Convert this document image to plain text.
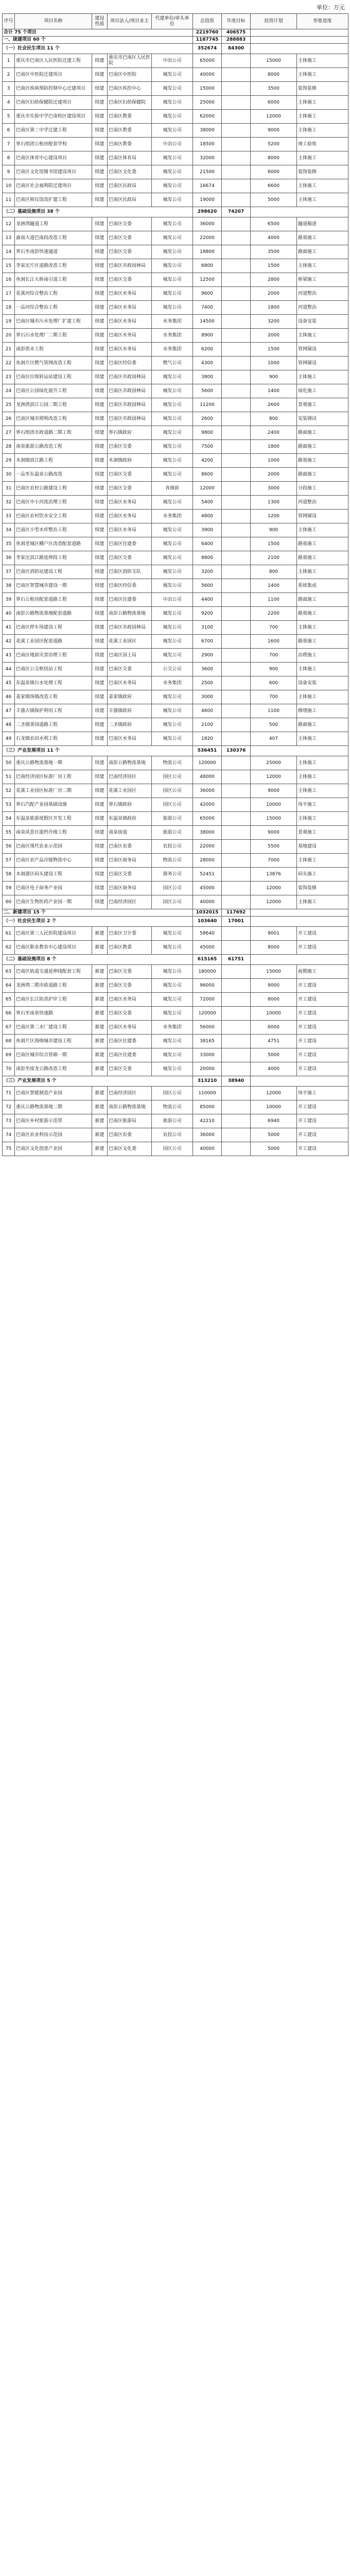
单位：万元
序号	项目名称	建设性质	项目法人/项目业主	代建单位/牵头单位	总投资	年度目标	投资计划	形象进度
合计 75 个项目					2219760	406575		
一、续建项目 60 个					1187745	288883		
（一）社会民生项目 11 个					352674	84300		
1	重庆市巴南区人民医院迁建工程	续建	重庆市巴南区人民医院	中冶公司	65000		15000	主体施工
2	巴南区中医院迁建项目	续建	巴南区中医院	城发公司	40000		8000	主体施工
3	巴南区疾病预防控制中心迁建项目	续建	巴南区疾控中心	城发公司	15000		3500	装饰装修
4	巴南区妇幼保健院迁建项目	续建	巴南区妇幼保健院	城发公司	25000		6000	主体施工
5	重庆市实验中学巴南校区建设项目	续建	巴南区教委	城发公司	62000		12000	主体施工
6	巴南区第二中学迁建工程	续建	巴南区教委	城发公司	38000		9000	主体施工
7	界石组团公租房配套学校	续建	巴南区教委	中冶公司	18500		5200	竣工验收
8	巴南区体育中心建设项目	续建	巴南区体育局	城发公司	32000		8000	主体施工
9	巴南区文化馆图书馆建设项目	续建	巴南区文化委	城发公司	21500		6000	装饰装修
10	巴南区社会福利院迁建项目	续建	巴南区民政局	城发公司	16674		6600	主体施工
11	巴南区殡仪馆改扩建工程	续建	巴南区民政局	城发公司	19000		5000	主体施工
（二）基础设施项目 38 个					298620	74207		
12	龙洲湾隧道工程	续建	巴南区交委	城发公司	36000		6500	隧道掘进
13	渝南大道巴南段改造工程	续建	巴南区交委	城发公司	22000		4000	路基施工
14	界石至南彭快速通道	续建	巴南区交委	城发公司	18800		3500	路面施工
15	李家沱片区道路改造工程	续建	巴南区市政园林局	城发公司	6800		1500	主体施工
16	鱼洞长江大桥南引道工程	续建	巴南区交委	城发公司	12500		2800	桥梁施工
17	花溪河综合整治工程	续建	巴南区水务局	城发公司	9600		2000	河道整治
18	一品河综合整治工程	续建	巴南区水务局	城发公司	7400		1800	河道整治
19	巴南区城市污水处理厂扩建工程	续建	巴南区水务局	水务集团	14500		3200	设备安装
20	界石污水处理厂二期工程	续建	巴南区水务局	水务集团	8900		2000	主体施工
21	南彭供水工程	续建	巴南区水务局	水务集团	6200		1500	管网铺设
22	鱼洞片区燃气管网改造工程	续建	巴南区经信委	燃气公司	4300		1000	管网铺设
23	巴南区垃圾转运站建设工程	续建	巴南区市政园林局	城发公司	3800		900	主体施工
24	巴南区公园绿化提升工程	续建	巴南区市政园林局	城发公司	5600		1400	绿化施工
25	龙洲湾滨江公园二期工程	续建	巴南区市政园林局	城发公司	11200		2600	景观施工
26	巴南区城市照明改造工程	续建	巴南区市政园林局	城发公司	2600		800	安装调试
27	界石组团市政道路二期工程	续建	界石镇政府	城发公司	9800		2400	路面施工
28	南泉旅游公路改造工程	续建	巴南区交委	城发公司	7500		1800	路面施工
29	木洞镇滨江路工程	续建	木洞镇政府	城发公司	4200		1000	路基施工
30	一品至东温泉公路改造	续建	巴南区交委	城发公司	8600		2000	路面施工
31	巴南区农村公路建设工程	续建	巴南区交委	各镇街	12000		3000	分段施工
32	巴南区中小河流治理工程	续建	巴南区水务局	城发公司	5400		1300	河道整治
33	巴南区农村饮水安全工程	续建	巴南区水务局	水务集团	4800		1200	管网铺设
34	巴南区小型水库整治工程	续建	巴南区水务局	城发公司	3900		900	主体施工
35	鱼洞老城区棚户区改造配套道路	续建	巴南区住建委	城发公司	6400		1500	路基施工
36	李家沱滨江路延伸段工程	续建	巴南区交委	城发公司	8800		2100	路基施工
37	巴南区消防站建设工程	续建	巴南区消防支队	城发公司	3200		800	主体施工
38	巴南区智慧城市建设一期	续建	巴南区经信委	城发公司	5600		1400	系统集成
39	界石公租房配套道路工程	续建	巴南区住建委	中冶公司	4400		1100	路面施工
40	南彭公路物流基地配套道路	续建	南彭公路物流基地	城发公司	9200		2200	路基施工
41	巴南区停车场建设工程	续建	巴南区市政园林局	城发公司	3100		700	主体施工
42	花溪工业园区配套道路	续建	花溪工业园区	城发公司	6700		1600	路基施工
43	巴南区地质灾害治理工程	续建	巴南区国土局	城发公司	2900		700	治理施工
44	巴南区公交枢纽站工程	续建	巴南区交委	公交公司	3600		900	主体施工
45	东温泉镇污水处理工程	续建	巴南区水务局	水务集团	2500		600	设备安装
46	姜家镇场镇改造工程	续建	姜家镇政府	城发公司	3000		700	主体施工
47	丰盛古镇保护利用工程	续建	丰盛镇政府	城发公司	4600		1100	修缮施工
48	二圣镇茶园道路工程	续建	二圣镇政府	城发公司	2100		500	路面施工
49	石龙镇农田水利工程	续建	巴南区水务局	城发公司	1820		407	主体施工
（三）产业发展项目 11 个					536451	130376		
50	重庆公路物流基地一期	续建	南彭公路物流基地	物流公司	120000		25000	主体施工
51	巴南经济园区标准厂房工程	续建	巴南经济园区	园区公司	48000		12000	主体施工
52	花溪工业园区标准厂房二期	续建	花溪工业园区	园区公司	36000		9000	主体施工
53	界石汽配产业园基础设施	续建	界石镇政府	园区公司	42000		10000	场平施工
54	东温泉旅游度假区开发工程	续建	东温泉镇政府	旅游公司	65000		15000	主体施工
55	南泉风景区提档升级工程	续建	南泉街道	旅游公司	38000		9000	景观施工
56	巴南区现代农业示范园	续建	巴南区农委	农投公司	22000		5500	基地建设
57	巴南区农产品冷链物流中心	续建	巴南区商务局	物流公司	28000		7000	主体施工
58	木洞港区码头建设工程	续建	巴南区交委	港务公司	52451		13876	码头施工
59	巴南区电子商务产业园	续建	巴南区商务局	园区公司	45000		12000	装饰装修
60	巴南区生物医药产业园一期	续建	巴南经济园区	园区公司	40000		12000	主体施工
二、新建项目 15 个					1032015	117692		
（一）社会民生项目 2 个					103640	17001		
61	巴南区第三人民医院建设项目	新建	巴南区卫计委	城发公司	58640		9001	开工建设
62	巴南区职业教育中心建设项目	新建	巴南区教委	城发公司	45000		8000	开工建设
（二）基础设施项目 8 个					615165	61751		
63	巴南区轨道交通延伸线配套工程	新建	巴南区交委	城发公司	180000		15000	前期施工
64	龙洲湾二期市政道路工程	新建	巴南区交委	城发公司	96000		9000	开工建设
65	巴南区长江防洪护岸工程	新建	巴南区水务局	城发公司	72000		8000	开工建设
66	界石至南泉快速路	新建	巴南区交委	城发公司	120000		10000	开工建设
67	巴南区第二水厂建设工程	新建	巴南区水务局	水务集团	56000		6000	开工建设
68	鱼洞片区海绵城市建设工程	新建	巴南区住建委	城发公司	38165		4751	开工建设
69	巴南区城市综合管廊一期	新建	巴南区住建委	城发公司	33000		5000	开工建设
70	南彭至接龙公路改造工程	新建	巴南区交委	城发公司	20000		4000	开工建设
（三）产业发展项目 5 个					313210	38940		
71	巴南区智能制造产业园	新建	巴南经济园区	园区公司	110000		12000	场平施工
72	重庆公路物流基地二期	新建	南彭公路物流基地	物流公司	85000		10000	开工建设
73	巴南区乡村旅游示范带	新建	巴南区旅游局	旅游公司	42210		6940	开工建设
74	巴南区农业科技示范园	新建	巴南区农委	农投公司	36000		5000	开工建设
75	巴南区文化创意产业园	新建	巴南区文化委	园区公司	40000		5000	开工建设
